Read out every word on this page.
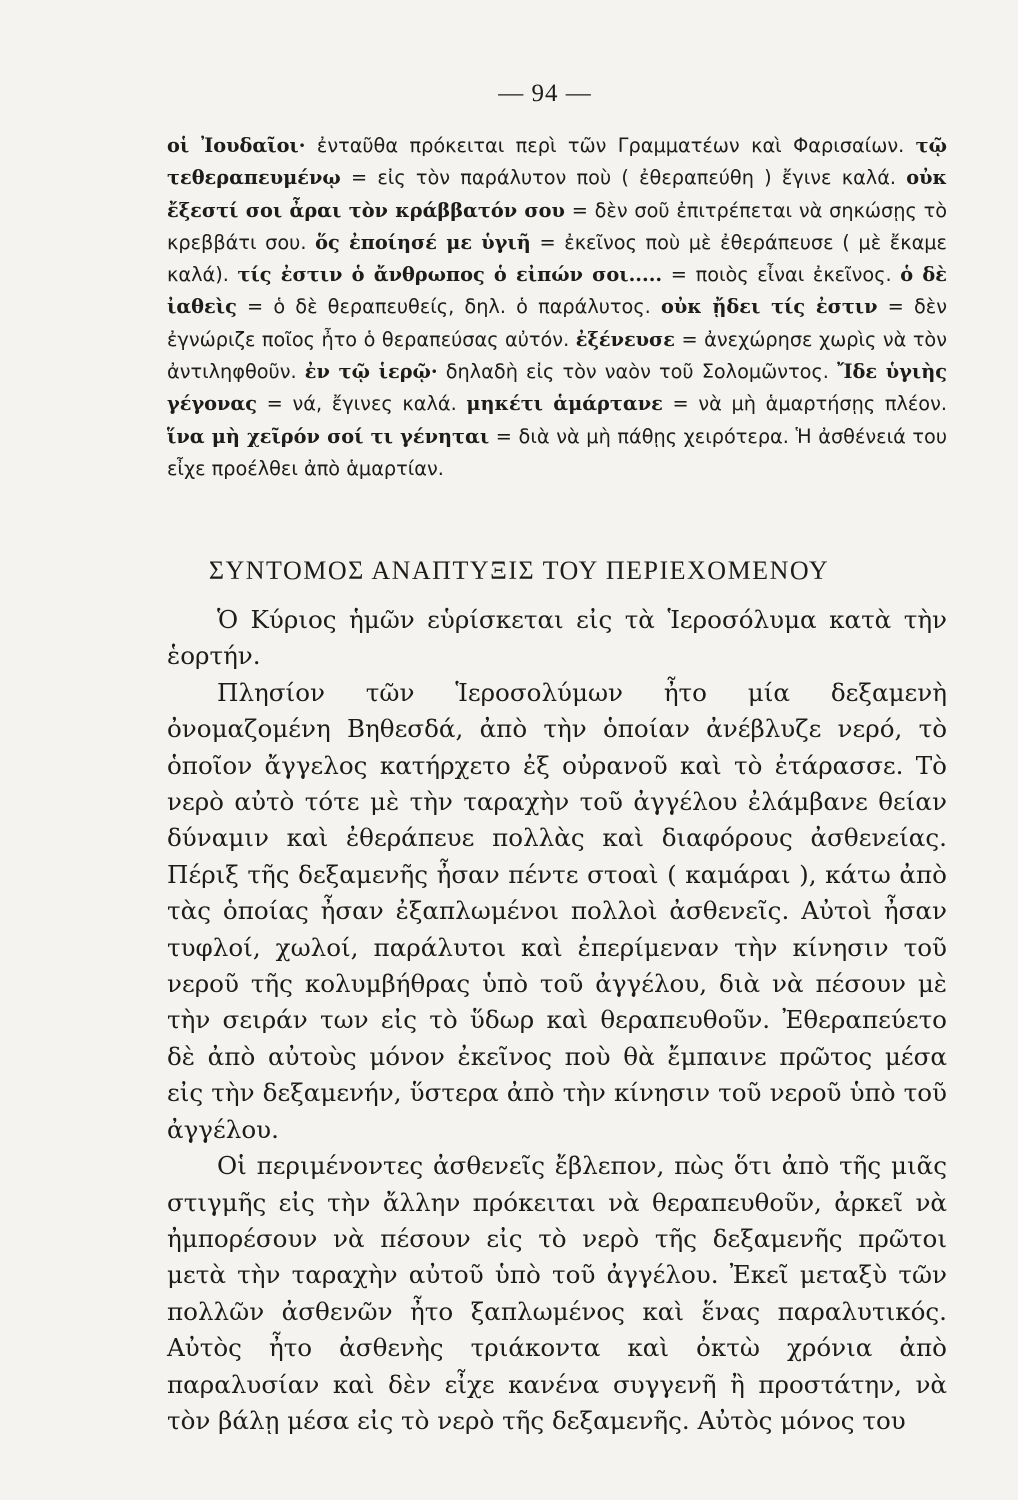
— 94 —
οἱ Ἰουδαῖοι· ἐνταῦθα πρόκειται περὶ τῶν Γραμματέων καὶ Φαρισαίων. τῷ τεθεραπευμένῳ = εἰς τὸν παράλυτον ποὺ ( ἐθεραπεύθη ) ἔγινε καλά. οὐκ ἔξεστί σοι ἆραι τὸν κράββατόν σου = δὲν σοῦ ἐπιτρέπεται νὰ σηκώσῃς τὸ κρεββάτι σου. ὅς ἐποίησέ με ὑγιῆ = ἐκεῖνος ποὺ μὲ ἐθεράπευσε ( μὲ ἔκαμε καλά). τίς ἐστιν ὁ ἄνθρωπος ὁ εἰπών σοι..... = ποιὸς εἶναι ἐκεῖνος. ὁ δὲ ἰαθεὶς = ὁ δὲ θεραπευθείς, δηλ. ὁ παράλυτος. οὐκ ᾔδει τίς ἐστιν = δὲν ἐγνώριζε ποῖος ἦτο ὁ θεραπεύσας αὐτόν. ἐξένευσε = ἀνεχώρησε χωρὶς νὰ τὸν ἀντιληφθοῦν. ἐν τῷ ἱερῷ· δηλαδὴ εἰς τὸν ναὸν τοῦ Σολομῶντος. Ἴδε ὑγιὴς γέγονας = νά, ἔγινες καλά. μηκέτι ἁμάρτανε = νὰ μὴ ἁμαρτήσῃς πλέον. ἵνα μὴ χεῖρόν σοί τι γένηται = διὰ νὰ μὴ πάθῃς χειρότερα. Ἡ ἀσθένειά του εἶχε προέλθει ἀπὸ ἁμαρτίαν.
ΣΥΝΤΟΜΟΣ ΑΝΑΠΤΥΞΙΣ ΤΟΥ ΠΕΡΙΕΧΟΜΕΝΟΥ

Ὁ Κύριος ἡμῶν εὑρίσκεται εἰς τὰ Ἱεροσόλυμα κατὰ τὴν ἑορτήν.

Πλησίον τῶν Ἱεροσολύμων ἦτο μία δεξαμενὴ ὀνομαζομένη Βηθεσδά, ἀπὸ τὴν ὁποίαν ἀνέβλυζε νερό, τὸ ὁποῖον ἄγγελος κατήρχετο ἐξ οὐρανοῦ καὶ τὸ ἐτάρασσε. Τὸ νερὸ αὐτὸ τότε μὲ τὴν ταραχὴν τοῦ ἀγγέλου ἐλάμβανε θείαν δύναμιν καὶ ἐθεράπευε πολλὰς καὶ διαφόρους ἀσθενείας. Πέριξ τῆς δεξαμενῆς ἦσαν πέντε στοαὶ ( καμάραι ), κάτω ἀπὸ τὰς ὁποίας ἦσαν ἐξαπλωμένοι πολλοὶ ἀσθενεῖς. Αὐτοὶ ἦσαν τυφλοί, χωλοί, παράλυτοι καὶ ἐπερίμεναν τὴν κίνησιν τοῦ νεροῦ τῆς κολυμβήθρας ὑπὸ τοῦ ἀγγέλου, διὰ νὰ πέσουν μὲ τὴν σειράν των εἰς τὸ ὕδωρ καὶ θεραπευθοῦν. Ἐθεραπεύετο δὲ ἀπὸ αὐτοὺς μόνον ἐκεῖνος ποὺ θὰ ἔμπαινε πρῶτος μέσα εἰς τὴν δεξαμενήν, ὕστερα ἀπὸ τὴν κίνησιν τοῦ νεροῦ ὑπὸ τοῦ ἀγγέλου.

Οἱ περιμένοντες ἀσθενεῖς ἔβλεπον, πὼς ὅτι ἀπὸ τῆς μιᾶς στιγμῆς εἰς τὴν ἄλλην πρόκειται νὰ θεραπευθοῦν, ἀρκεῖ νὰ ἠμπορέσουν νὰ πέσουν εἰς τὸ νερὸ τῆς δεξαμενῆς πρῶτοι μετὰ τὴν ταραχὴν αὐτοῦ ὑπὸ τοῦ ἀγγέλου. Ἐκεῖ μεταξὺ τῶν πολλῶν ἀσθενῶν ἦτο ξαπλωμένος καὶ ἕνας παραλυτικός. Αὐτὸς ἦτο ἀσθενὴς τριάκοντα καὶ ὀκτὼ χρόνια ἀπὸ παραλυσίαν καὶ δὲν εἶχε κανένα συγγενῆ ἢ προστάτην, νὰ τὸν βάλῃ μέσα εἰς τὸ νερὸ τῆς δεξαμενῆς. Αὐτὸς μόνος του
